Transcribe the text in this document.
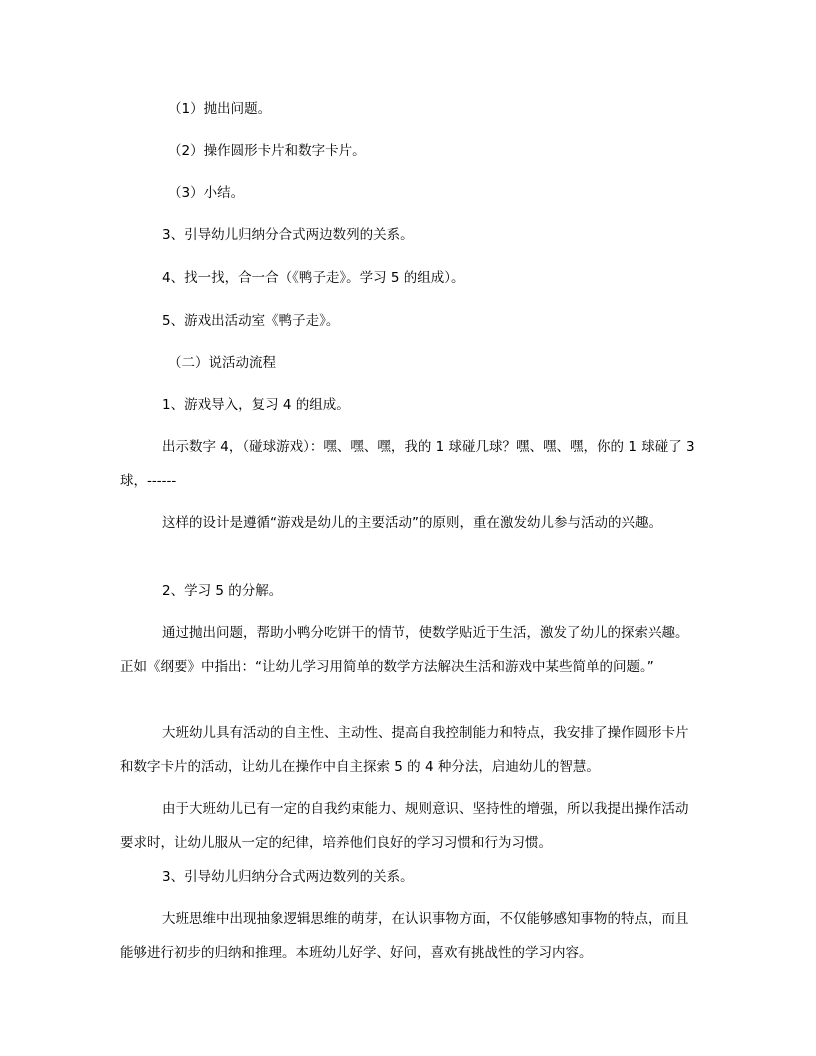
（1）抛出问题。

（2）操作圆形卡片和数字卡片。

（3）小结。

3、引导幼儿归纳分合式两边数列的关系。

4、找一找，合一合（《鸭子走》。学习 5 的组成）。

5、游戏出活动室《鸭子走》。

（二）说活动流程

1、游戏导入，复习 4 的组成。

出示数字 4，（碰球游戏）：嘿、嘿、嘿，我的 1 球碰几球？嘿、嘿、嘿，你的 1 球碰了 3 球，------

这样的设计是遵循“游戏是幼儿的主要活动”的原则，重在激发幼儿参与活动的兴趣。

2、学习 5 的分解。

通过抛出问题，帮助小鸭分吃饼干的情节，使数学贴近于生活，激发了幼儿的探索兴趣。正如《纲要》中指出：“让幼儿学习用简单的数学方法解决生活和游戏中某些简单的问题。”

大班幼儿具有活动的自主性、主动性、提高自我控制能力和特点，我安排了操作圆形卡片和数字卡片的活动，让幼儿在操作中自主探索 5 的 4 种分法，启迪幼儿的智慧。

由于大班幼儿已有一定的自我约束能力、规则意识、坚持性的增强，所以我提出操作活动要求时，让幼儿服从一定的纪律，培养他们良好的学习习惯和行为习惯。

3、引导幼儿归纳分合式两边数列的关系。

大班思维中出现抽象逻辑思维的萌芽，在认识事物方面，不仅能够感知事物的特点，而且能够进行初步的归纳和推理。本班幼儿好学、好问，喜欢有挑战性的学习内容。
